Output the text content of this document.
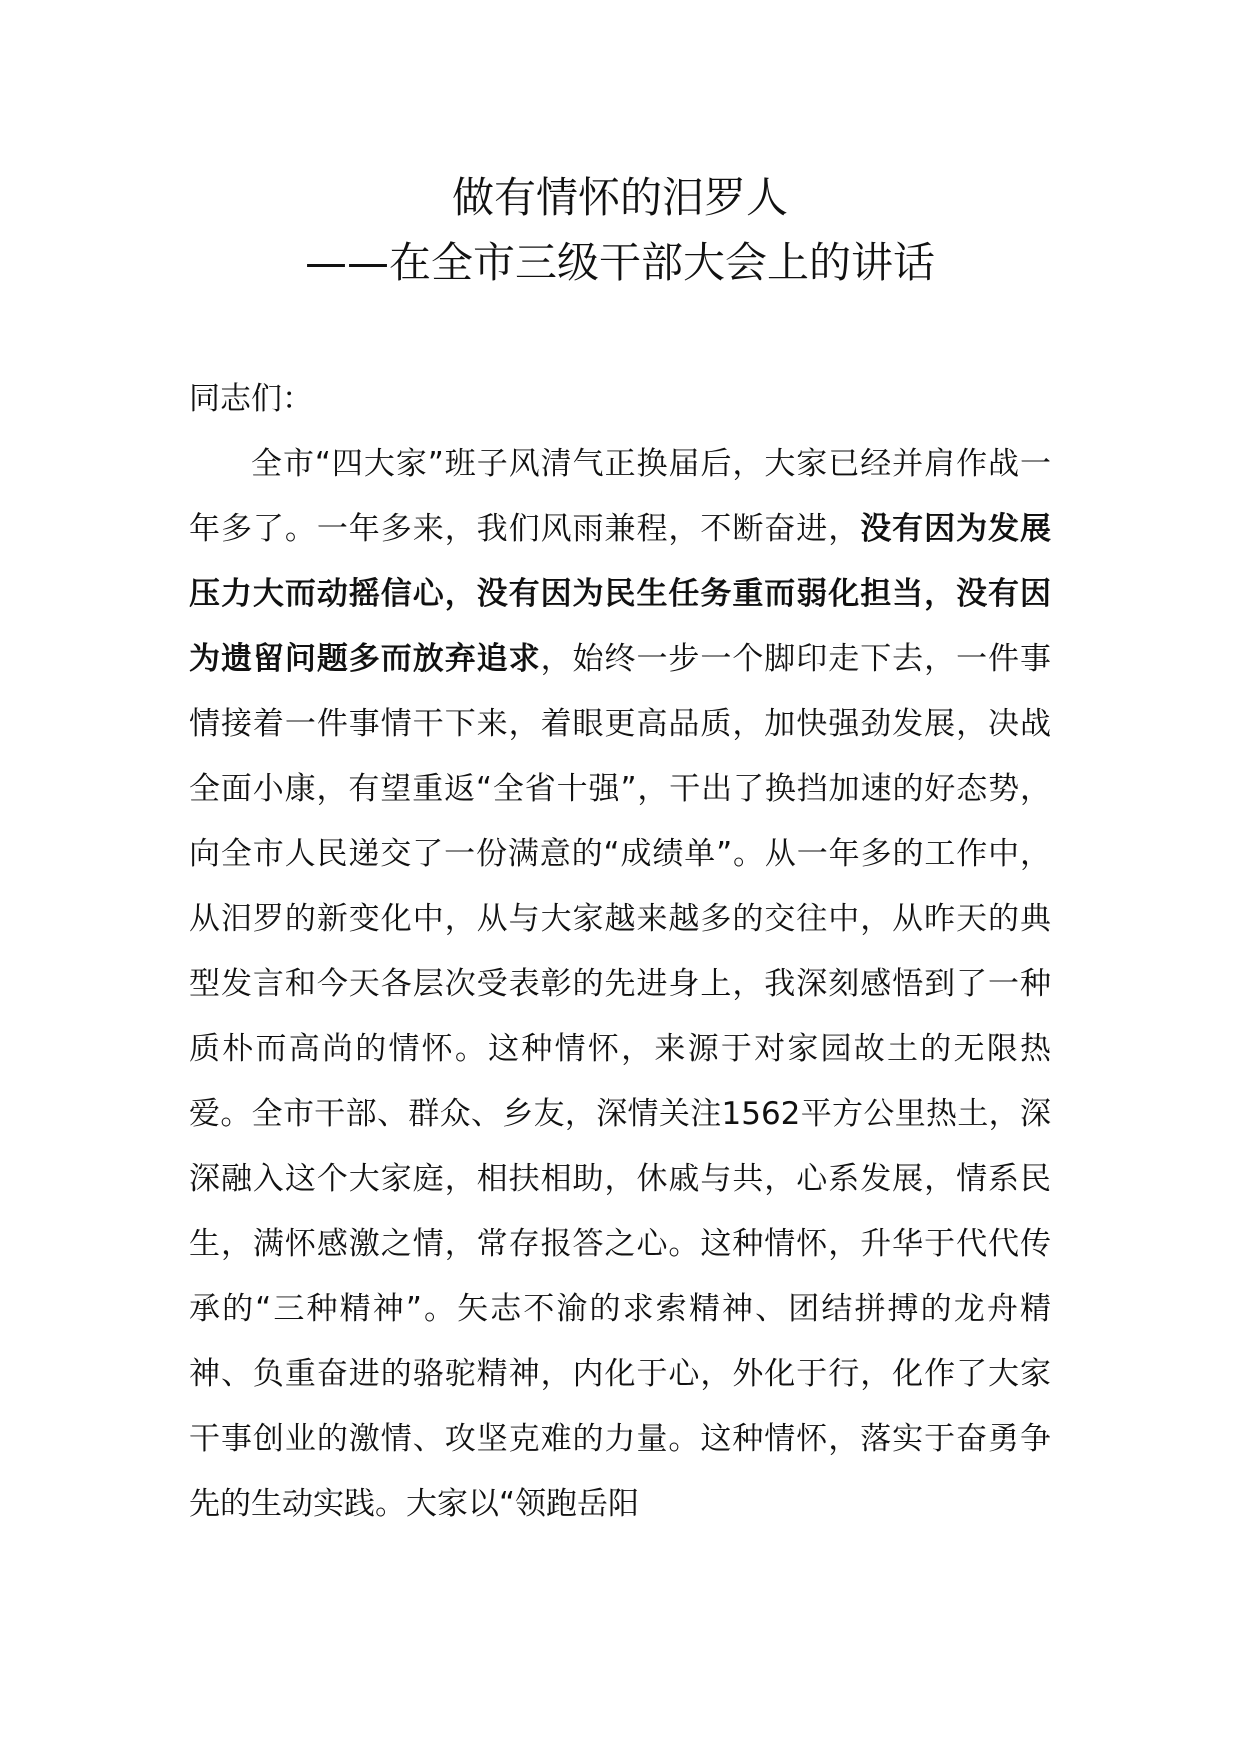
做有情怀的汨罗人
——在全市三级干部大会上的讲话

同志们：

全市“四大家”班子风清气正换届后，大家已经并肩作战一年多了。一年多来，我们风雨兼程，不断奋进，没有因为发展压力大而动摇信心，没有因为民生任务重而弱化担当，没有因为遗留问题多而放弃追求，始终一步一个脚印走下去，一件事情接着一件事情干下来，着眼更高品质，加快强劲发展，决战全面小康，有望重返“全省十强”，干出了换挡加速的好态势，向全市人民递交了一份满意的“成绩单”。从一年多的工作中，从汨罗的新变化中，从与大家越来越多的交往中，从昨天的典型发言和今天各层次受表彰的先进身上，我深刻感悟到了一种质朴而高尚的情怀。这种情怀，来源于对家园故土的无限热爱。全市干部、群众、乡友，深情关注1562平方公里热土，深深融入这个大家庭，相扶相助，休戚与共，心系发展，情系民生，满怀感激之情，常存报答之心。这种情怀，升华于代代传承的“三种精神”。矢志不渝的求索精神、团结拼搏的龙舟精神、负重奋进的骆驼精神，内化于心，外化于行，化作了大家干事创业的激情、攻坚克难的力量。这种情怀，落实于奋勇争先的生动实践。大家以“领跑岳阳
